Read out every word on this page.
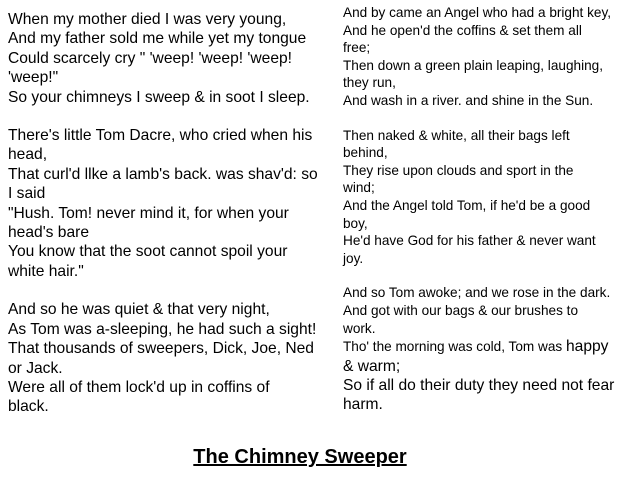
When my mother died I was very young,
And my father sold me while yet my tongue
Could scarcely cry " 'weep! 'weep! 'weep!
'weep!"
So your chimneys I sweep & in soot I sleep.
There's little Tom Dacre, who cried when his
head,
That curl'd llke a lamb's back. was shav'd: so
I said
"Hush. Tom! never mind it, for when your
head's bare
You know that the soot cannot spoil your
white hair."
And so he was quiet & that very night,
As Tom was a-sleeping, he had such a sight!
That thousands of sweepers, Dick, Joe, Ned
or Jack.
Were all of them lock'd up in coffins of
black.
And by came an Angel who had a bright key,
And he open'd the coffins & set them all
free;
Then down a green plain leaping, laughing,
they run,
And wash in a river. and shine in the Sun.
Then naked & white, all their bags left
behind,
They rise upon clouds and sport in the
wind;
And the Angel told Tom, if he'd be a good
boy,
He'd have God for his father & never want
joy.
And so Tom awoke; and we rose in the dark.
And got with our bags & our brushes to
work.
Tho' the morning was cold, Tom was happy
& warm;
So if all do their duty they need not fear
harm.
The Chimney Sweeper
